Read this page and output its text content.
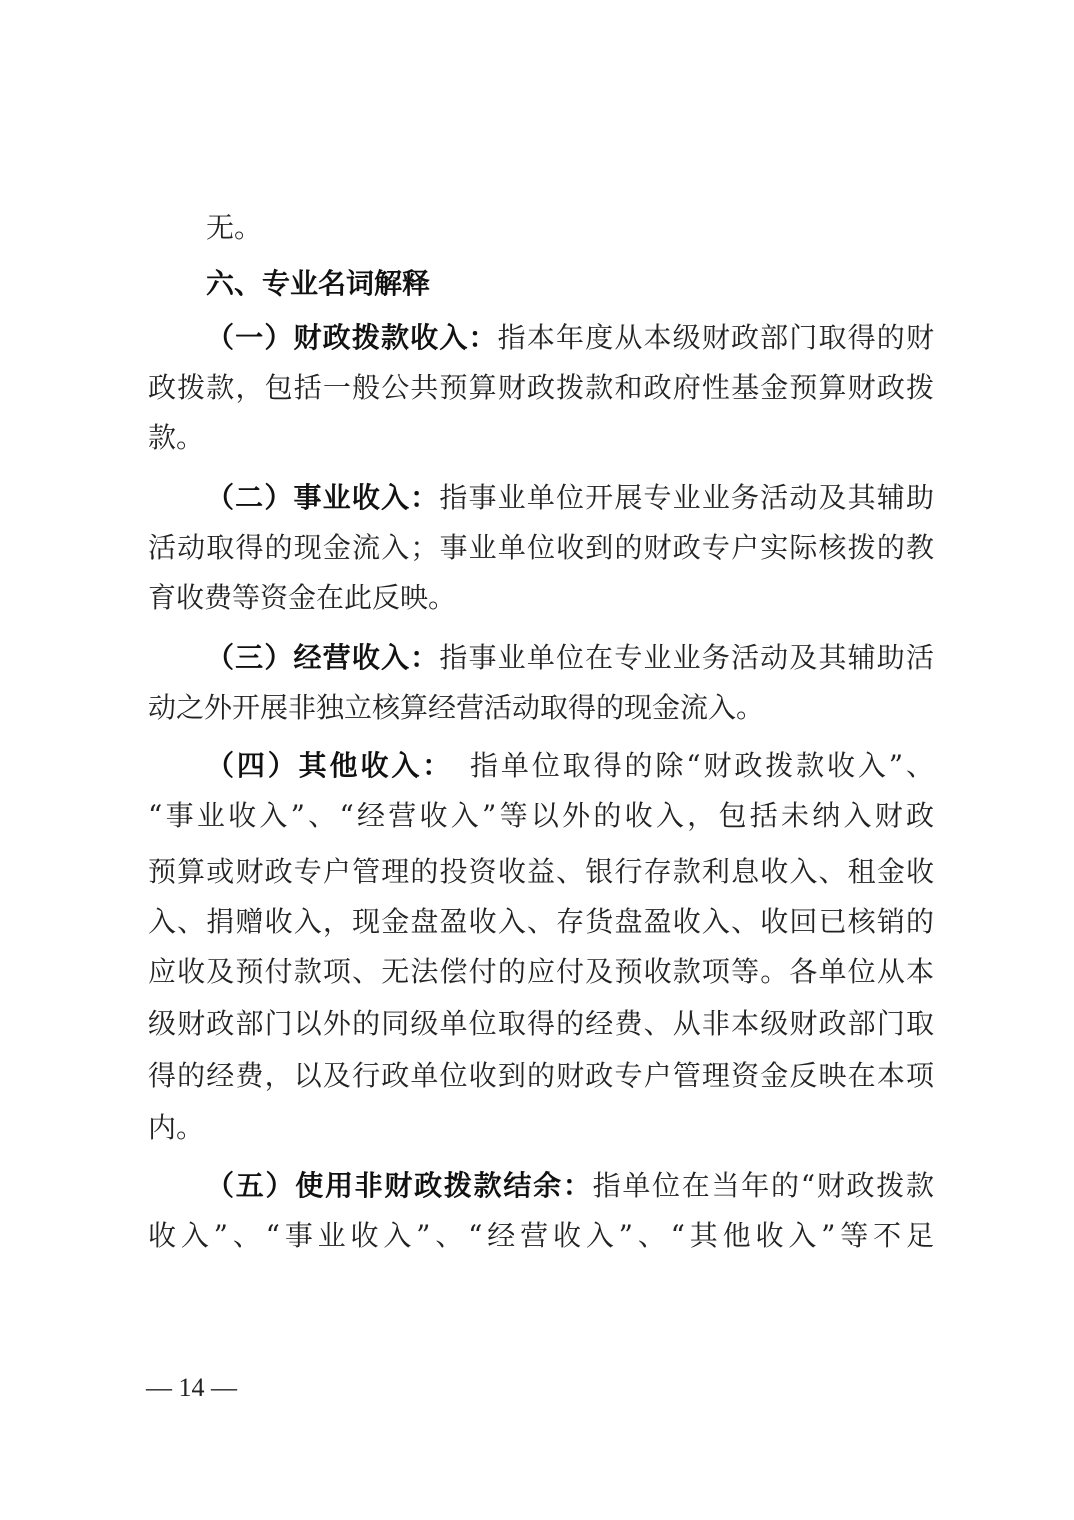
无。
六、专业名词解释
（一）财政拨款收入：指本年度从本级财政部门取得的财
政拨款，包括一般公共预算财政拨款和政府性基金预算财政拨
款。
（二）事业收入：指事业单位开展专业业务活动及其辅助
活动取得的现金流入；事业单位收到的财政专户实际核拨的教
育收费等资金在此反映。
（三）经营收入：指事业单位在专业业务活动及其辅助活
动之外开展非独立核算经营活动取得的现金流入。
（四）其他收入：　指单位取得的除“财政拨款收入”、
“事业收入”、“经营收入”等以外的收入，包括未纳入财政
预算或财政专户管理的投资收益、银行存款利息收入、租金收
入、捐赠收入，现金盘盈收入、存货盘盈收入、收回已核销的
应收及预付款项、无法偿付的应付及预收款项等。各单位从本
级财政部门以外的同级单位取得的经费、从非本级财政部门取
得的经费，以及行政单位收到的财政专户管理资金反映在本项
内。
（五）使用非财政拨款结余：指单位在当年的“财政拨款
收入”、“事业收入”、“经营收入”、“其他收入”等不足
— 14 —
